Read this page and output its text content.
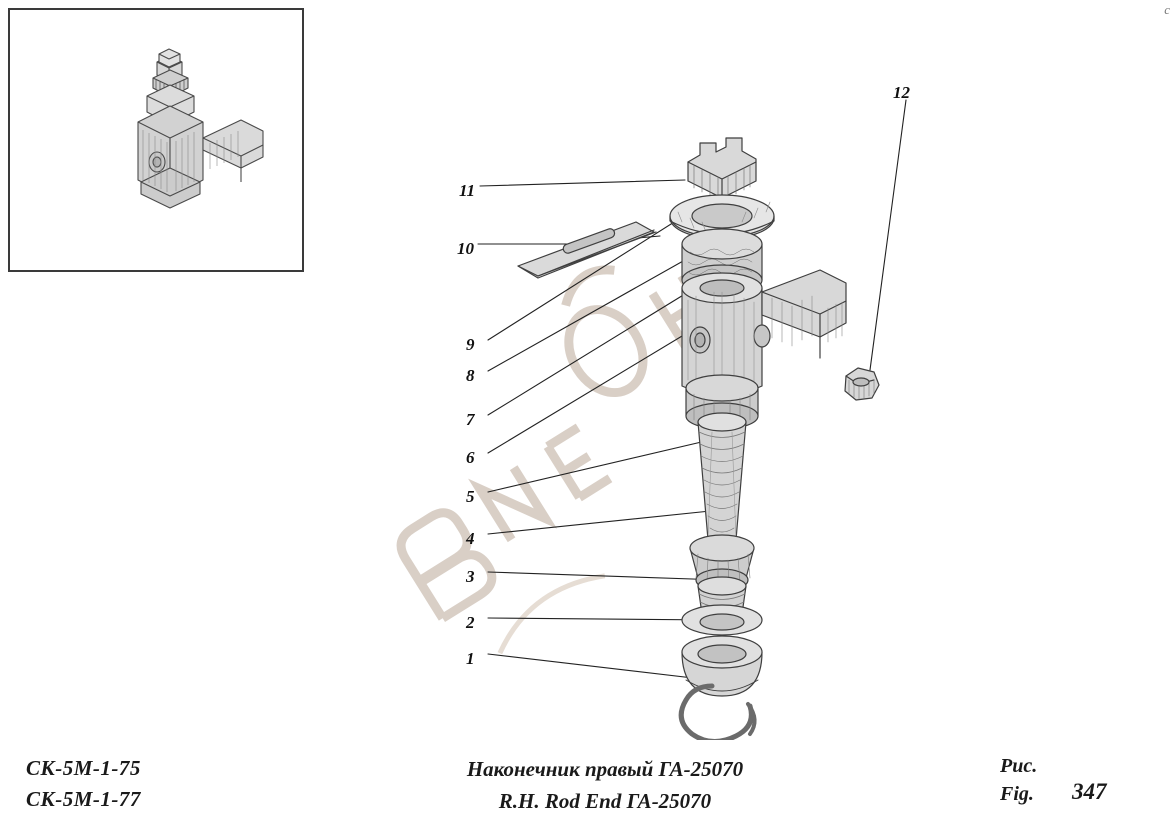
с
12
11
10
9
8
7
6
5
4
3
2
1
СК-5М-1-75
СК-5М-1-77
Наконечник правый ГА-25070
R.H. Rod End ГА-25070
Рис.
Fig. 347
